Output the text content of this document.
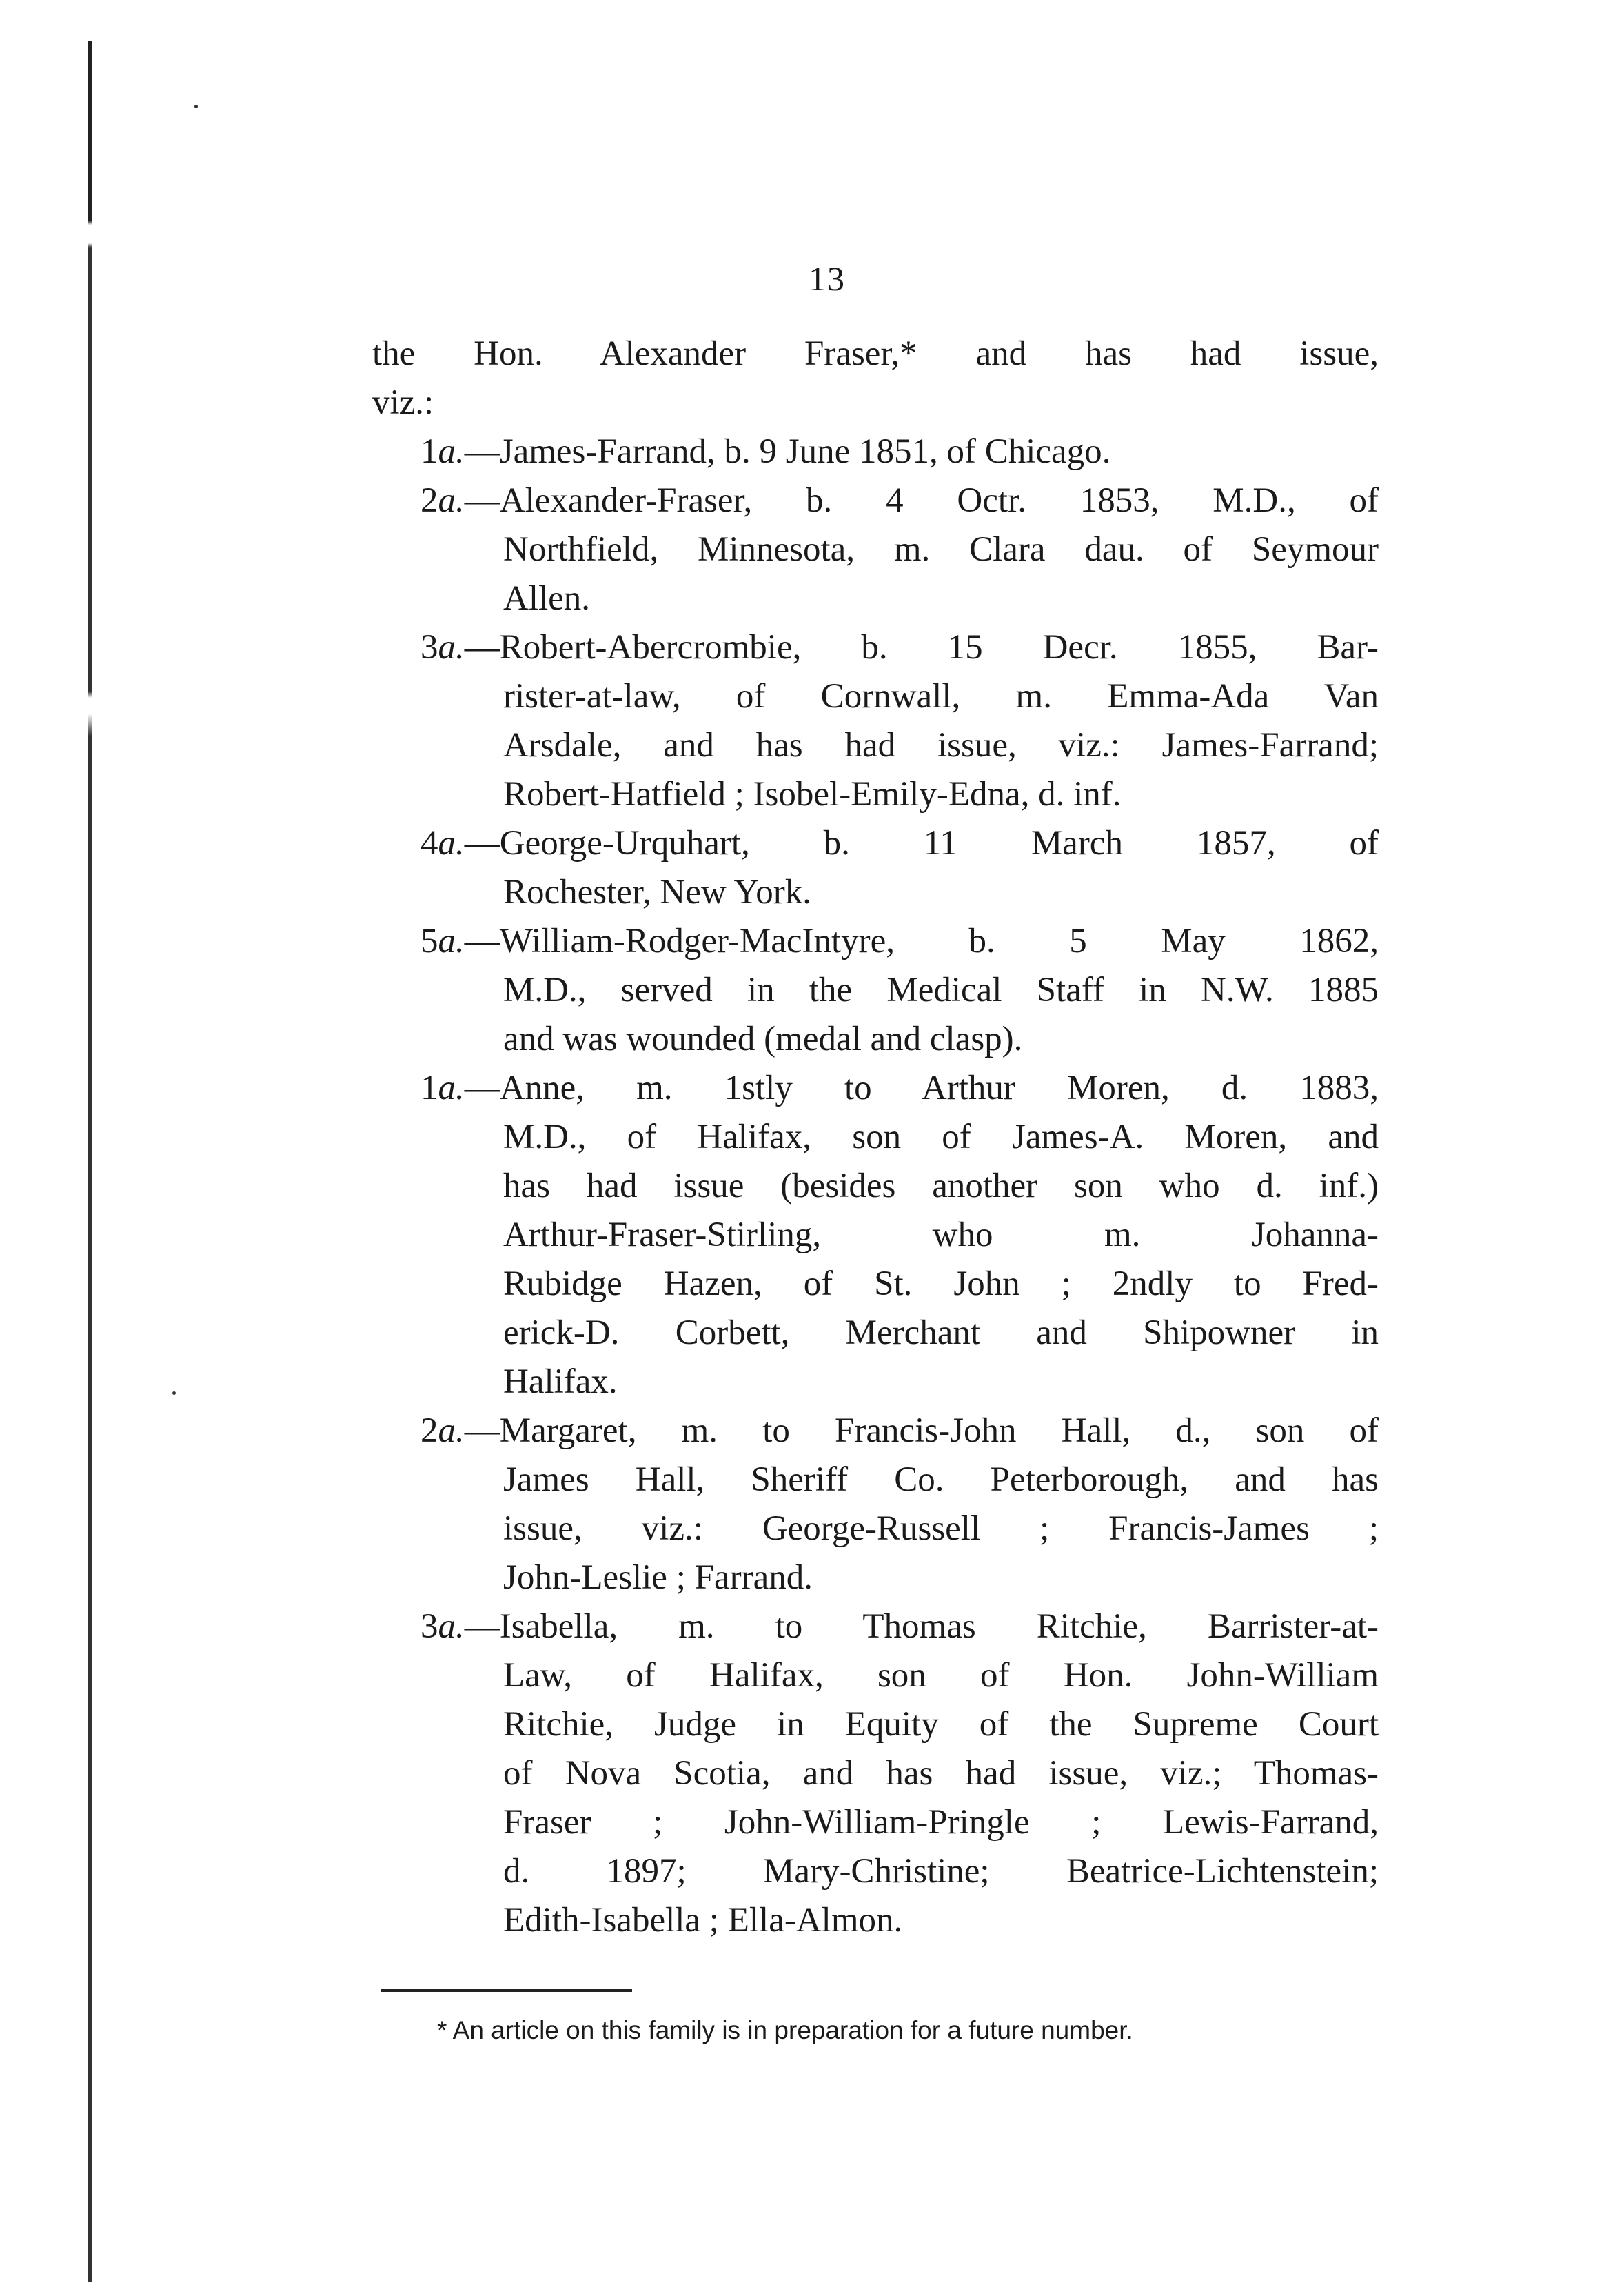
13
the Hon. Alexander Fraser,* and has had issue,
viz.:
1a.—James-Farrand, b. 9 June 1851, of Chicago.
2a.—Alexander-Fraser, b. 4 Octr. 1853, M.D., of
Northfield, Minnesota, m. Clara dau. of Seymour
Allen.
3a.—Robert-Abercrombie, b. 15 Decr. 1855, Bar-
rister-at-law, of Cornwall, m. Emma-Ada Van
Arsdale, and has had issue, viz.: James-Farrand;
Robert-Hatfield ; Isobel-Emily-Edna, d. inf.
4a.—George-Urquhart, b. 11 March 1857, of
Rochester, New York.
5a.—William-Rodger-MacIntyre, b. 5 May 1862,
M.D., served in the Medical Staff in N.W. 1885
and was wounded (medal and clasp).
1a.—Anne, m. 1stly to Arthur Moren, d. 1883,
M.D., of Halifax, son of James-A. Moren, and
has had issue (besides another son who d. inf.)
Arthur-Fraser-Stirling, who m. Johanna-
Rubidge Hazen, of St. John ; 2ndly to Fred-
erick-D. Corbett, Merchant and Shipowner in
Halifax.
2a.—Margaret, m. to Francis-John Hall, d., son of
James Hall, Sheriff Co. Peterborough, and has
issue, viz.: George-Russell ; Francis-James ;
John-Leslie ; Farrand.
3a.—Isabella, m. to Thomas Ritchie, Barrister-at-
Law, of Halifax, son of Hon. John-William
Ritchie, Judge in Equity of the Supreme Court
of Nova Scotia, and has had issue, viz.; Thomas-
Fraser ; John-William-Pringle ; Lewis-Farrand,
d. 1897; Mary-Christine; Beatrice-Lichtenstein;
Edith-Isabella ; Ella-Almon.
* An article on this family is in preparation for a future number.
